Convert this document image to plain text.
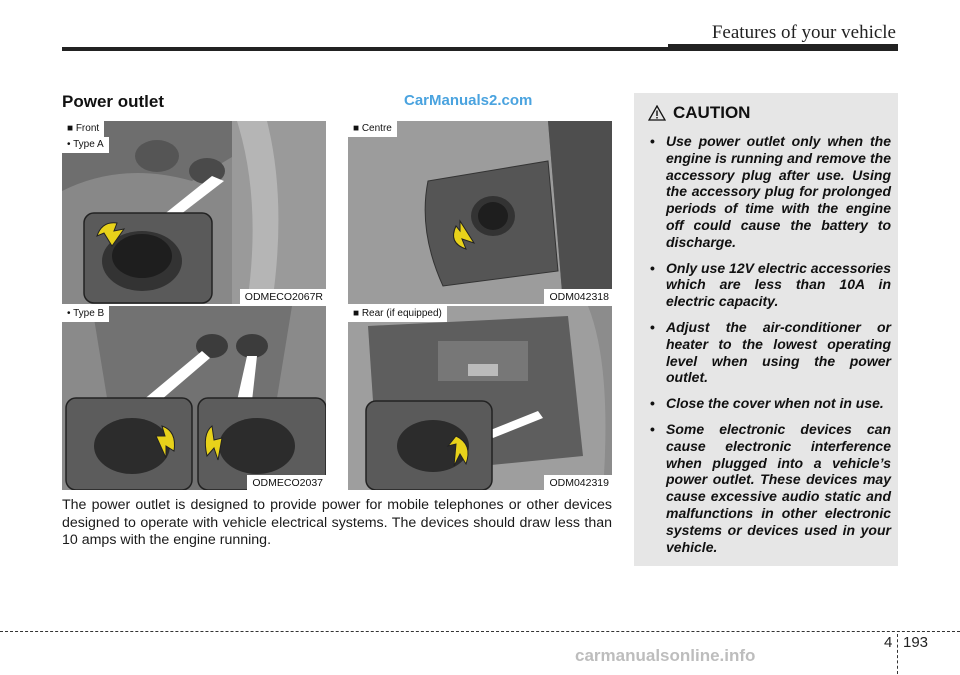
Features of your vehicle
Power outlet	CarManuals2.com
■ Front
• Type A
ODMECO2067R
• Type B
ODMECO2037
■ Centre
ODM042318
■ Rear (if equipped)
ODM042319
The power outlet is designed to provide power for mobile telephones or other devices designed to operate with vehicle electrical systems. The devices should draw less than 10 amps with the engine running.
CAUTION
• Use power outlet only when the engine is running and remove the accessory plug after use. Using the accessory plug for prolonged periods of time with the engine off could cause the battery to discharge.
• Only use 12V electric accessories which are less than 10A in electric capacity.
• Adjust the air-conditioner or heater to the lowest operating level when using the power outlet.
• Close the cover when not in use.
• Some electronic devices can cause electronic interference when plugged into a vehicle’s power outlet. These devices may cause excessive audio static and malfunctions in other electronic systems or devices used in your vehicle.
4 193
carmanualsonline.info
